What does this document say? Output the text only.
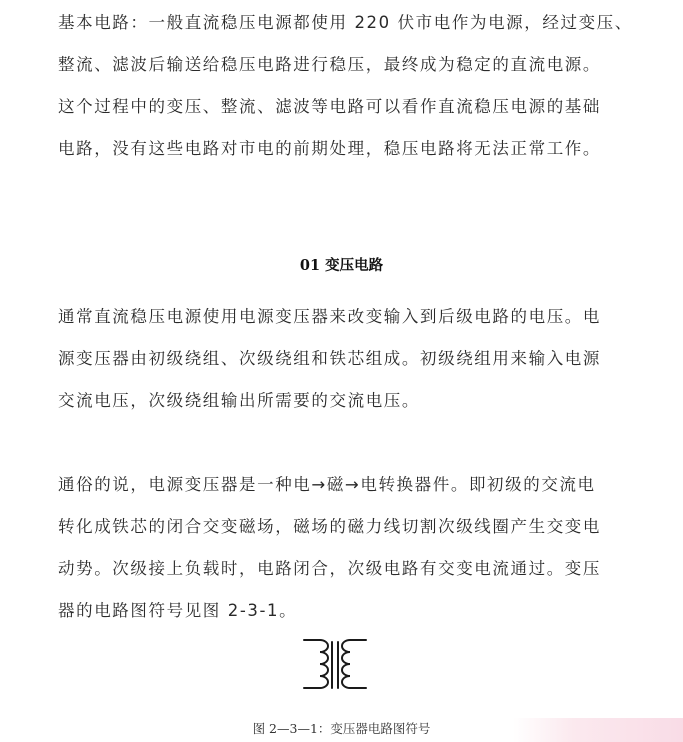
基本电路：一般直流稳压电源都使用 220 伏市电作为电源，经过变压、
整流、滤波后输送给稳压电路进行稳压，最终成为稳定的直流电源。
这个过程中的变压、整流、滤波等电路可以看作直流稳压电源的基础
电路，没有这些电路对市电的前期处理，稳压电路将无法正常工作。

01 变压电路

通常直流稳压电源使用电源变压器来改变输入到后级电路的电压。电
源变压器由初级绕组、次级绕组和铁芯组成。初级绕组用来输入电源
交流电压，次级绕组输出所需要的交流电压。

通俗的说，电源变压器是一种电→磁→电转换器件。即初级的交流电
转化成铁芯的闭合交变磁场，磁场的磁力线切割次级线圈产生交变电
动势。次级接上负载时，电路闭合，次级电路有交变电流通过。变压
器的电路图符号见图 2-3-1。

图 2—3—1：变压器电路图符号
